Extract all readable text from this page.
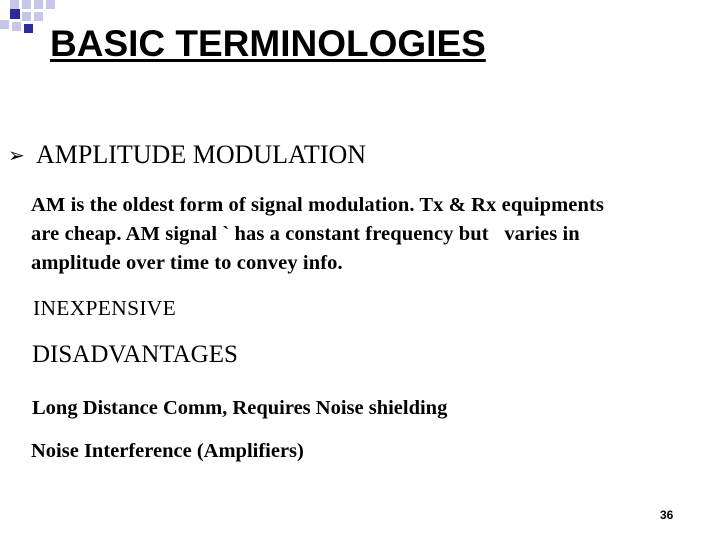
BASIC TERMINOLOGIES
➢ AMPLITUDE MODULATION

AM is the oldest form of signal modulation. Tx & Rx equipments
are cheap. AM signal ` has a constant frequency but   varies in
amplitude over time to convey info.

INEXPENSIVE
DISADVANTAGES
Long Distance Comm, Requires Noise shielding
Noise Interference (Amplifiers)
36
